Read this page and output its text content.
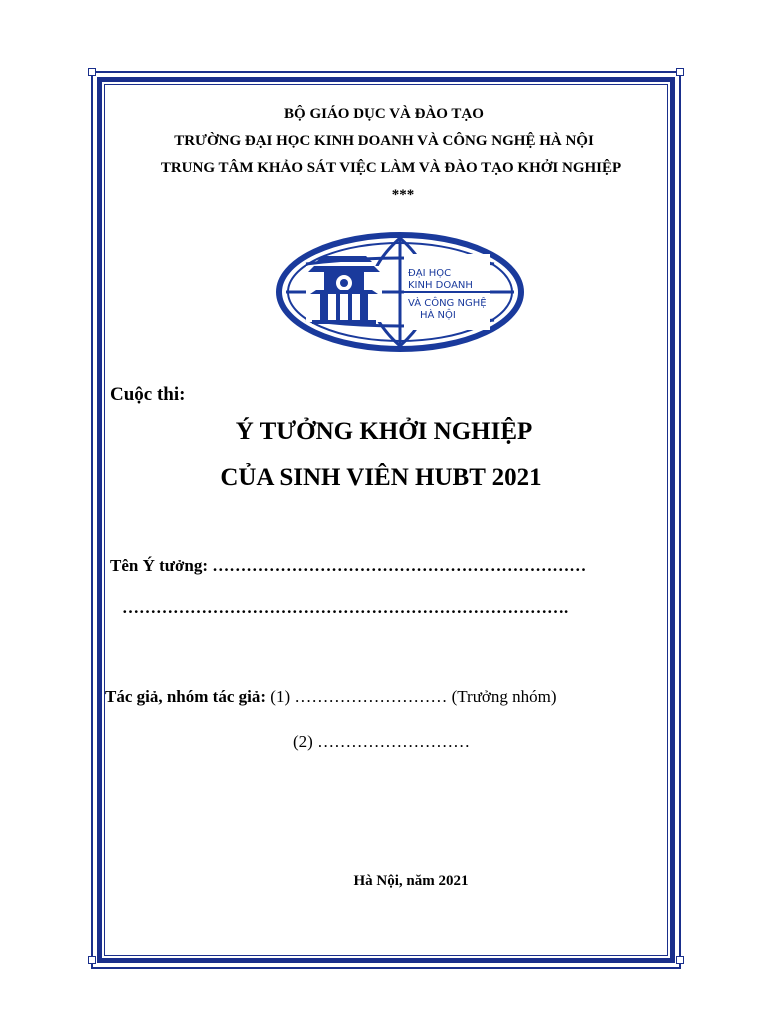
BỘ GIÁO DỤC VÀ ĐÀO TẠO
TRƯỜNG ĐẠI HỌC KINH DOANH VÀ CÔNG NGHỆ HÀ NỘI
TRUNG TÂM KHẢO SÁT VIỆC LÀM VÀ ĐÀO TẠO KHỞI NGHIỆP
***
ĐẠI HỌC
KINH DOANH
VÀ CÔNG NGHỆ
HÀ NỘI
Cuộc thi:
Ý TƯỞNG KHỞI NGHIỆP
CỦA SINH VIÊN HUBT 2021
Tên Ý tưởng: …………………………………………………………
…………………………………………………………………….
Tác giả, nhóm tác giả: (1) ……………………… (Trưởng nhóm)
(2) ………………………
Hà Nội, năm 2021
